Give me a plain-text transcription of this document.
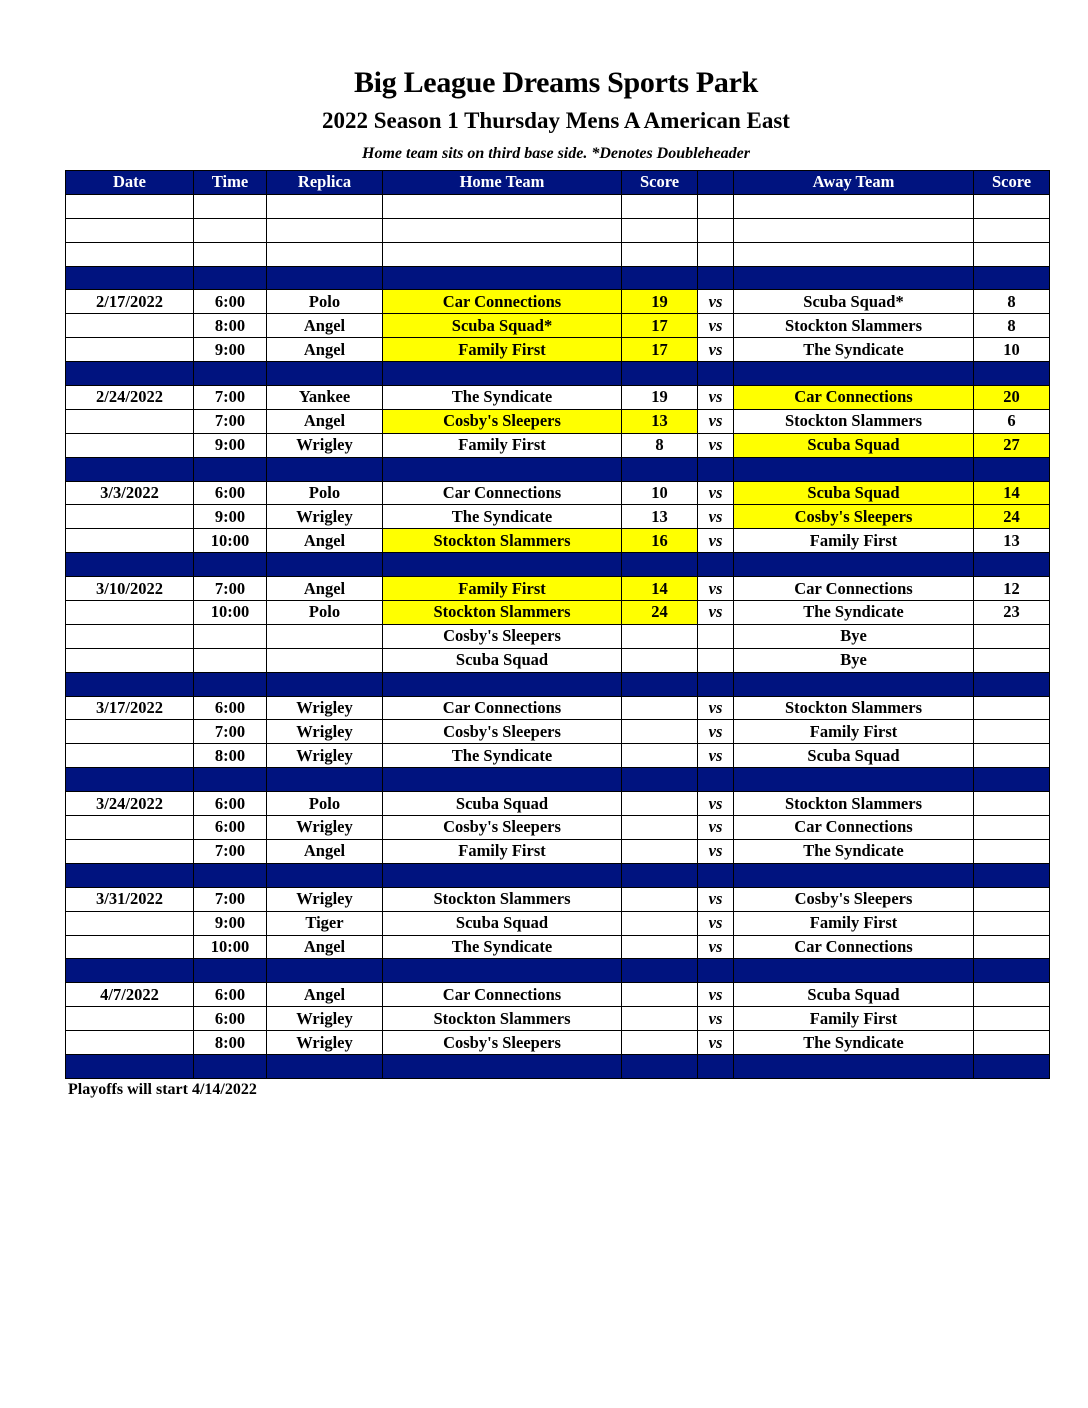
Big League Dreams Sports Park
2022 Season 1 Thursday Mens A American East
Home team sits on third base side. *Denotes Doubleheader
Date	Time	Replica	Home Team	Score		Away Team	Score

2/17/2022	6:00	Polo	Car Connections	19	vs	Scuba Squad*	8
	8:00	Angel	Scuba Squad*	17	vs	Stockton Slammers	8
	9:00	Angel	Family First	17	vs	The Syndicate	10

2/24/2022	7:00	Yankee	The Syndicate	19	vs	Car Connections	20
	7:00	Angel	Cosby's Sleepers	13	vs	Stockton Slammers	6
	9:00	Wrigley	Family First	8	vs	Scuba Squad	27

3/3/2022	6:00	Polo	Car Connections	10	vs	Scuba Squad	14
	9:00	Wrigley	The Syndicate	13	vs	Cosby's Sleepers	24
	10:00	Angel	Stockton Slammers	16	vs	Family First	13

3/10/2022	7:00	Angel	Family First	14	vs	Car Connections	12
	10:00	Polo	Stockton Slammers	24	vs	The Syndicate	23
			Cosby's Sleepers			Bye	
			Scuba Squad			Bye	

3/17/2022	6:00	Wrigley	Car Connections		vs	Stockton Slammers	
	7:00	Wrigley	Cosby's Sleepers		vs	Family First	
	8:00	Wrigley	The Syndicate		vs	Scuba Squad	

3/24/2022	6:00	Polo	Scuba Squad		vs	Stockton Slammers	
	6:00	Wrigley	Cosby's Sleepers		vs	Car Connections	
	7:00	Angel	Family First		vs	The Syndicate	

3/31/2022	7:00	Wrigley	Stockton Slammers		vs	Cosby's Sleepers	
	9:00	Tiger	Scuba Squad		vs	Family First	
	10:00	Angel	The Syndicate		vs	Car Connections	

4/7/2022	6:00	Angel	Car Connections		vs	Scuba Squad	
	6:00	Wrigley	Stockton Slammers		vs	Family First	
	8:00	Wrigley	Cosby's Sleepers		vs	The Syndicate	

Playoffs will start 4/14/2022
